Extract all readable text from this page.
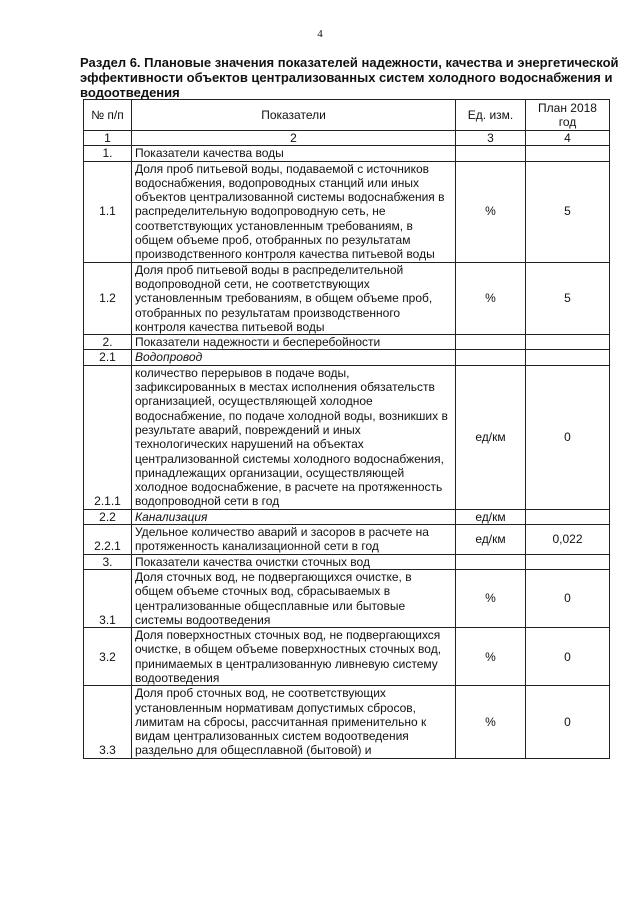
4
Раздел 6. Плановые значения показателей надежности, качества и энергетической эффективности объектов централизованных систем холодного водоснабжения и водоотведения
№ п/п	Показатели	Ед. изм.	План 2018 год
1	2	3	4
1.	Показатели качества воды		
1.1	Доля проб питьевой воды, подаваемой с источников водоснабжения, водопроводных станций или иных объектов централизованной системы водоснабжения в распределительную водопроводную сеть, не соответствующих установленным требованиям, в общем объеме проб, отобранных по результатам производственного контроля качества питьевой воды	%	5
1.2	Доля проб питьевой воды в распределительной водопроводной сети, не соответствующих установленным требованиям, в общем объеме проб, отобранных по результатам производственного контроля качества питьевой воды	%	5
2.	Показатели надежности и бесперебойности		
2.1	Водопровод		
2.1.1	количество перерывов в подаче воды, зафиксированных в местах исполнения обязательств организацией, осуществляющей холодное водоснабжение, по подаче холодной воды, возникших в результате аварий, повреждений и иных технологических нарушений на объектах централизованной системы холодного водоснабжения, принадлежащих организации, осуществляющей холодное водоснабжение, в расчете на протяженность водопроводной сети в год	ед/км	0
2.2	Канализация	ед/км	
2.2.1	Удельное количество аварий и засоров в расчете на протяженность канализационной сети в год	ед/км	0,022
3.	Показатели качества очистки сточных вод		
3.1	Доля сточных вод, не подвергающихся очистке, в общем объеме сточных вод, сбрасываемых в централизованные общесплавные или бытовые системы водоотведения	%	0
3.2	Доля поверхностных сточных вод, не подвергающихся очистке, в общем объеме поверхностных сточных вод, принимаемых в централизованную ливневую систему водоотведения	%	0
3.3	Доля проб сточных вод, не соответствующих установленным нормативам допустимых сбросов, лимитам на сбросы, рассчитанная применительно к видам централизованных систем водоотведения раздельно для общесплавной (бытовой) и	%	0
